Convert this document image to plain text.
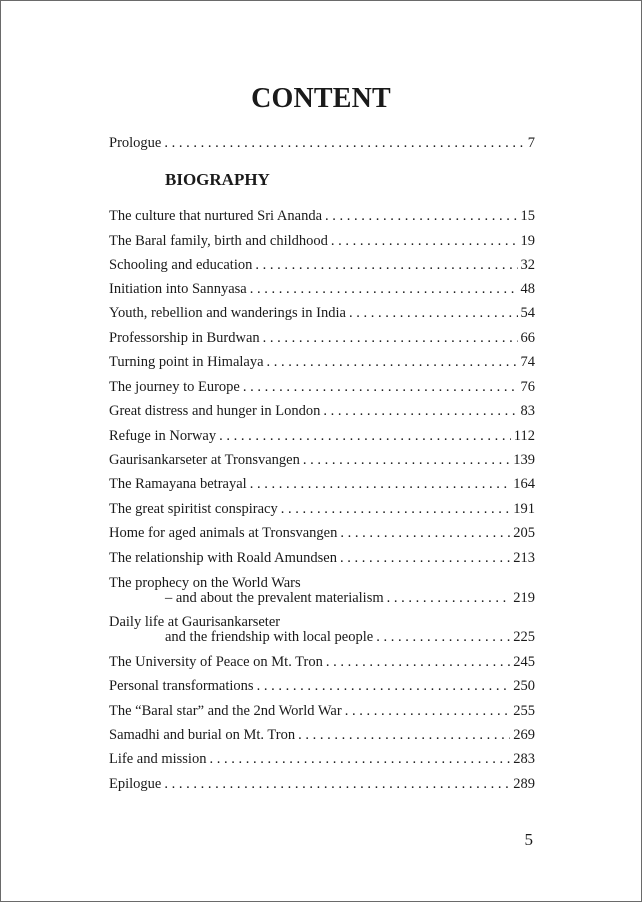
CONTENT
Prologue . . .	7
BIOGRAPHY
The culture that nurtured Sri Ananda . . .	15
The Baral family, birth and childhood . . .	19
Schooling and education . . .	32
Initiation into Sannyasa . . .	48
Youth, rebellion and wanderings in India . . .	54
Professorship in Burdwan . . .	66
Turning point in Himalaya . . .	74
The journey to Europe . . .	76
Great distress and hunger in London . . .	83
Refuge in Norway . . .	112
Gaurisankarseter at Tronsvangen . . .	139
The Ramayana betrayal . . .	164
The great spiritist conspiracy . . .	191
Home for aged animals at Tronsvangen . . .	205
The relationship with Roald Amundsen . . .	213
The prophecy on the World Wars
– and about the prevalent materialism . . .	219
Daily life at Gaurisankarseter
and the friendship with local people . . .	225
The University of Peace on Mt. Tron . . .	245
Personal transformations . . .	250
The “Baral star” and the 2nd World War . . .	255
Samadhi and burial on Mt. Tron . . .	269
Life and mission . . .	283
Epilogue . . .	289
5
